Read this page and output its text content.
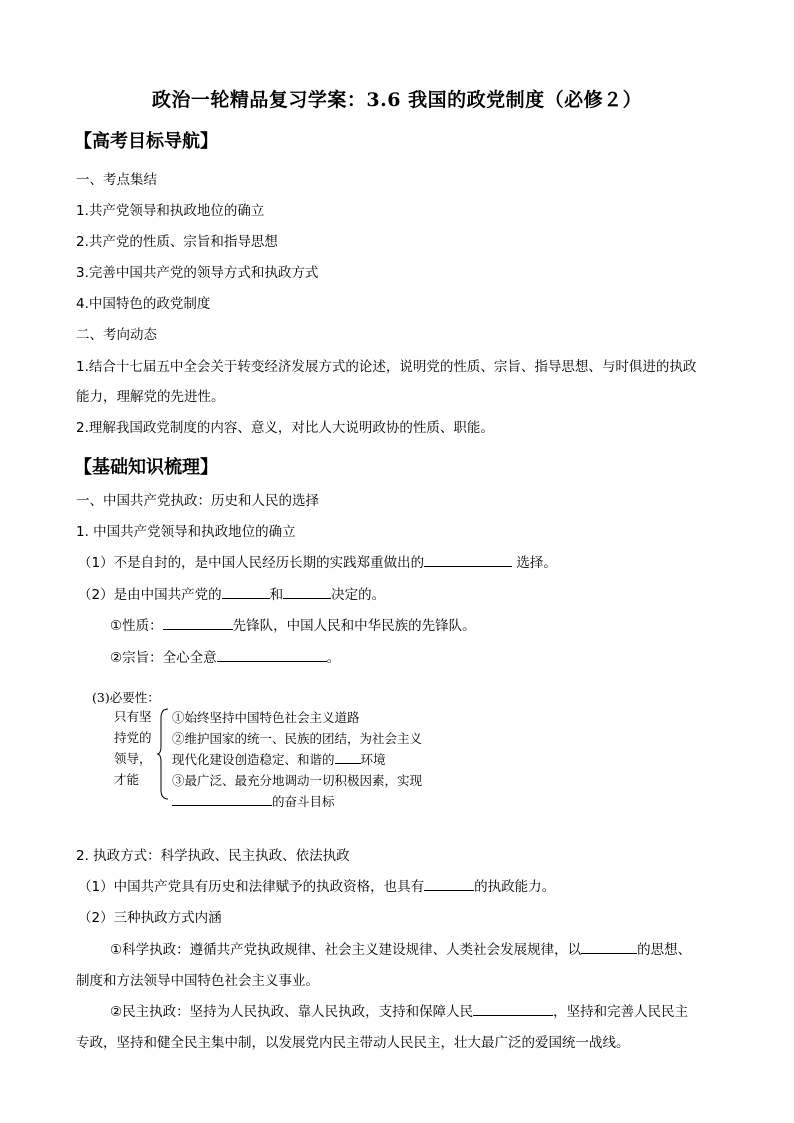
政治一轮精品复习学案：3.6 我国的政党制度（必修２）
【高考目标导航】
一、考点集结
1.共产党领导和执政地位的确立
2.共产党的性质、宗旨和指导思想
3.完善中国共产党的领导方式和执政方式
4.中国特色的政党制度
二、考向动态
1.结合十七届五中全会关于转变经济发展方式的论述，说明党的性质、宗旨、指导思想、与时俱进的执政
能力，理解党的先进性。
2.理解我国政党制度的内容、意义，对比人大说明政协的性质、职能。
【基础知识梳理】
一、中国共产党执政：历史和人民的选择
1. 中国共产党领导和执政地位的确立
（1）不是自封的，是中国人民经历长期的实践郑重做出的	选择。
（2）是由中国共产党的	和	决定的。
①性质：	先锋队，中国人民和中华民族的先锋队。
②宗旨：全心全意	。
(3)必要性：
只有坚持党的领导，才能
①始终坚持中国特色社会主义道路
②维护国家的统一、民族的团结，为社会主义
现代化建设创造稳定、和谐的 环境
③最广泛、最充分地调动一切积极因素，实现
的奋斗目标
2. 执政方式：科学执政、民主执政、依法执政
（1）中国共产党具有历史和法律赋予的执政资格，也具有	的执政能力。
（2）三种执政方式内涵
①科学执政：遵循共产党执政规律、社会主义建设规律、人类社会发展规律，以	的思想、
制度和方法领导中国特色社会主义事业。
②民主执政：坚持为人民执政、靠人民执政，支持和保障人民	，坚持和完善人民民主
专政，坚持和健全民主集中制，以发展党内民主带动人民民主，壮大最广泛的爱国统一战线。
